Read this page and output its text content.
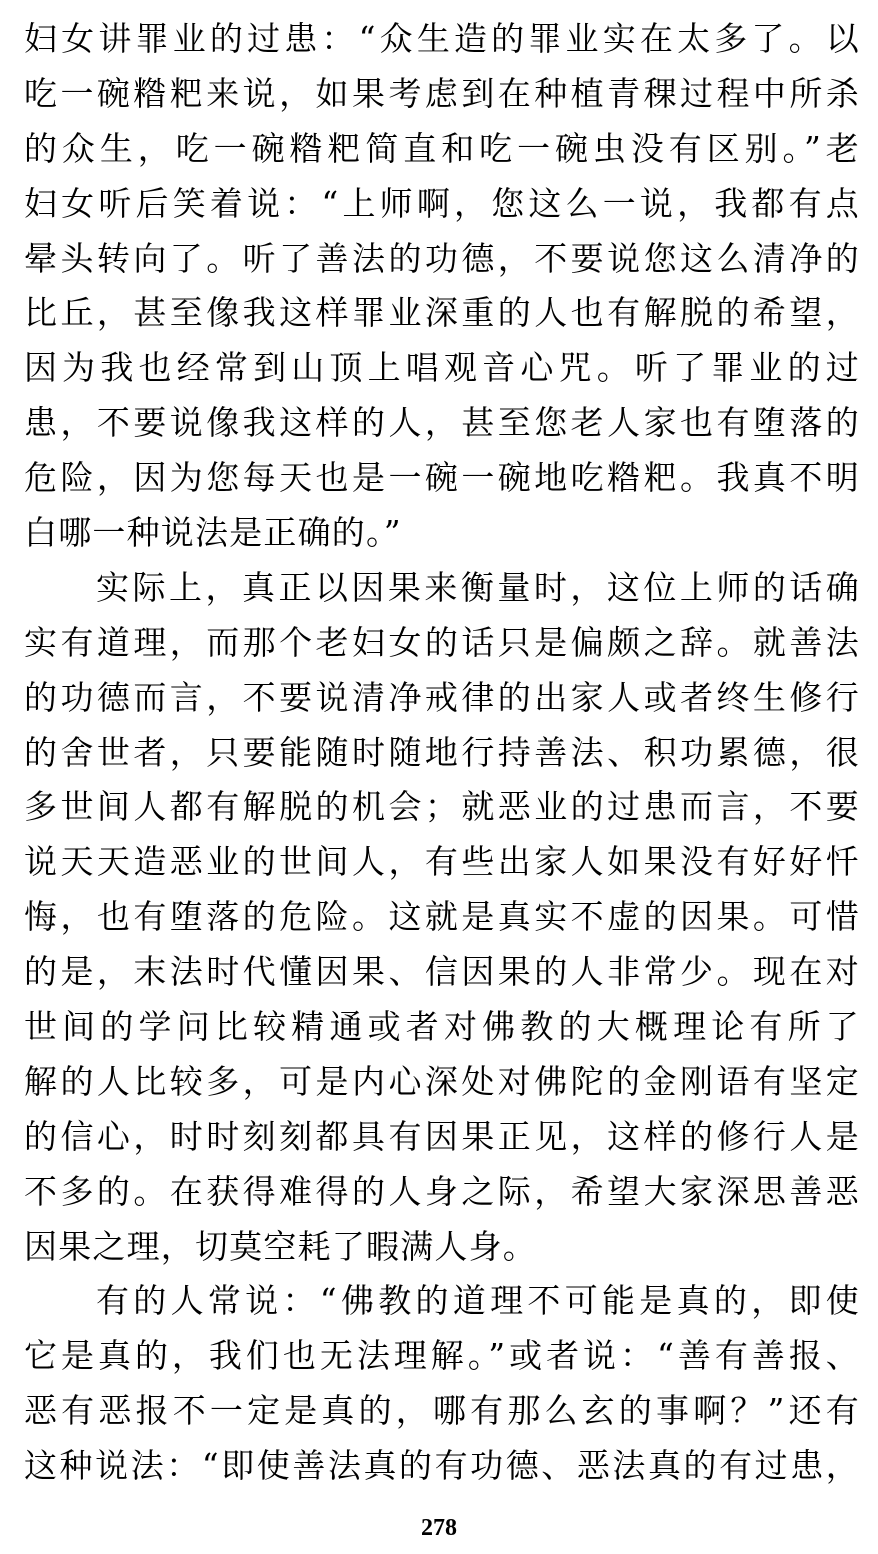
妇女讲罪业的过患：“众生造的罪业实在太多了。以
吃一碗糌粑来说，如果考虑到在种植青稞过程中所杀
的众生，吃一碗糌粑简直和吃一碗虫没有区别。”老
妇女听后笑着说：“上师啊，您这么一说，我都有点
晕头转向了。听了善法的功德，不要说您这么清净的
比丘，甚至像我这样罪业深重的人也有解脱的希望，
因为我也经常到山顶上唱观音心咒。听了罪业的过
患，不要说像我这样的人，甚至您老人家也有堕落的
危险，因为您每天也是一碗一碗地吃糌粑。我真不明
白哪一种说法是正确的。”
实际上，真正以因果来衡量时，这位上师的话确
实有道理，而那个老妇女的话只是偏颇之辞。就善法
的功德而言，不要说清净戒律的出家人或者终生修行
的舍世者，只要能随时随地行持善法、积功累德，很
多世间人都有解脱的机会；就恶业的过患而言，不要
说天天造恶业的世间人，有些出家人如果没有好好忏
悔，也有堕落的危险。这就是真实不虚的因果。可惜
的是，末法时代懂因果、信因果的人非常少。现在对
世间的学问比较精通或者对佛教的大概理论有所了
解的人比较多，可是内心深处对佛陀的金刚语有坚定
的信心，时时刻刻都具有因果正见，这样的修行人是
不多的。在获得难得的人身之际，希望大家深思善恶
因果之理，切莫空耗了暇满人身。
有的人常说：“佛教的道理不可能是真的，即使
它是真的，我们也无法理解。”或者说：“善有善报、
恶有恶报不一定是真的，哪有那么玄的事啊？”还有
这种说法：“即使善法真的有功德、恶法真的有过患，
278
